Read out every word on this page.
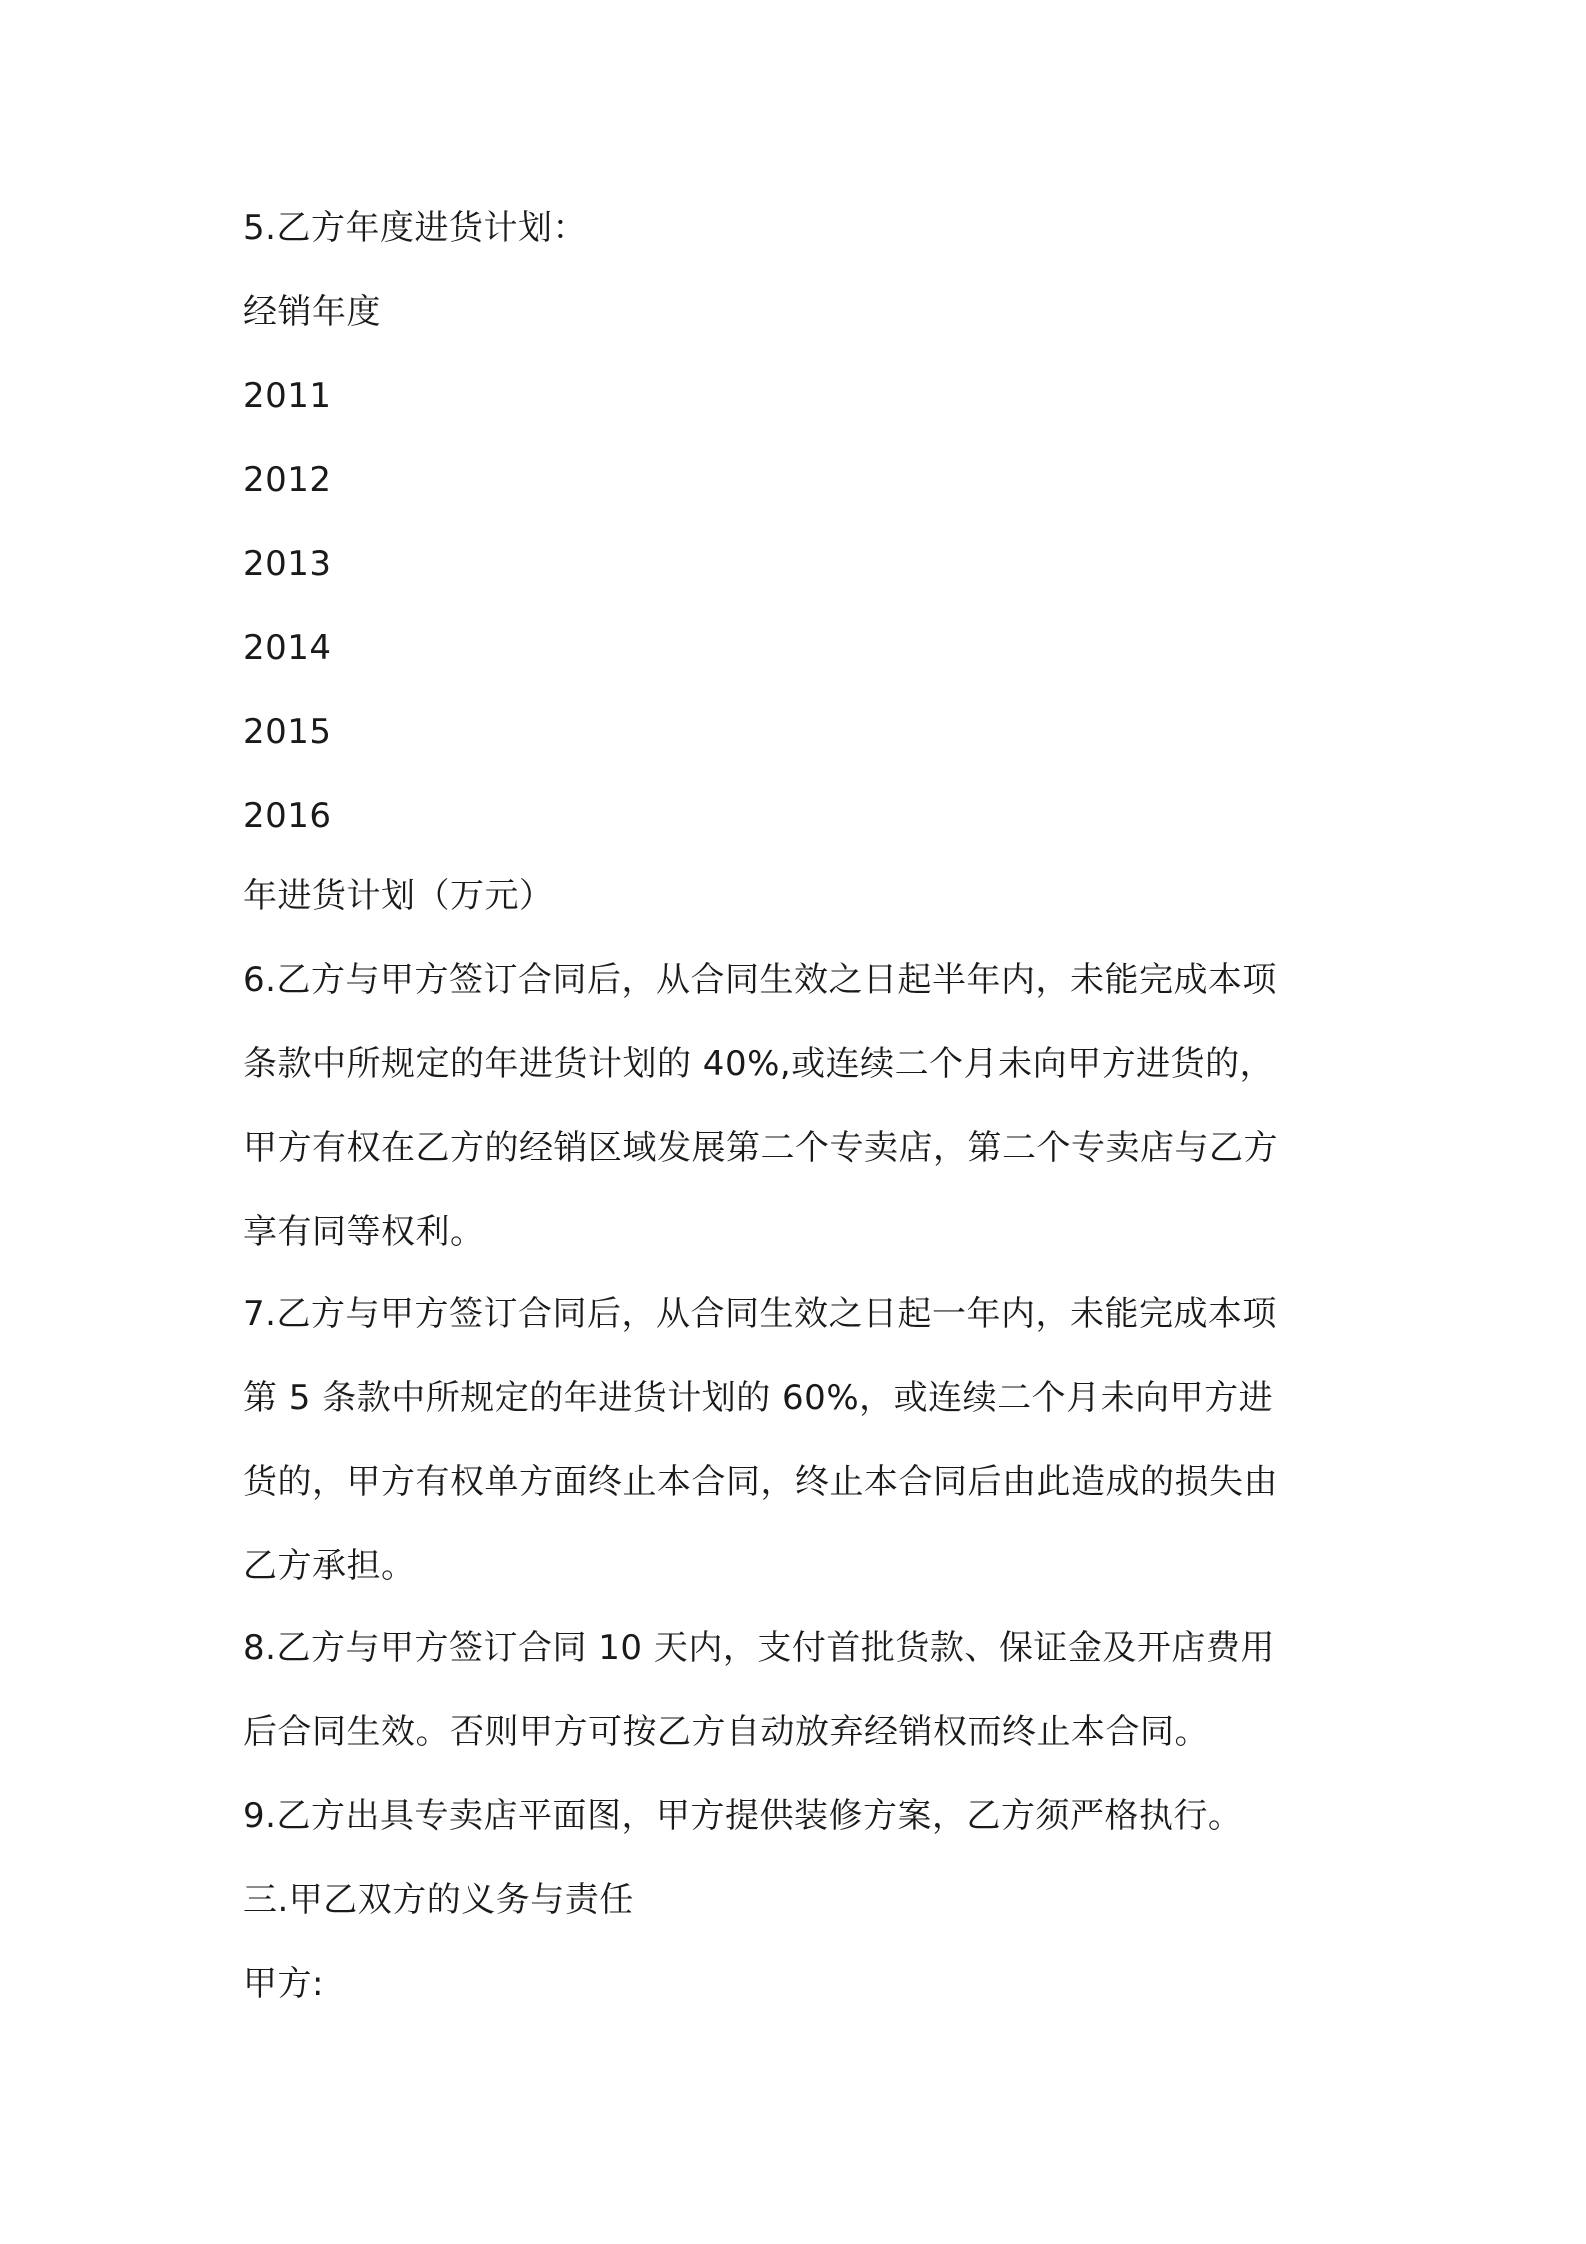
5.乙方年度进货计划：
经销年度
2011
2012
2013
2014
2015
2016
年进货计划（万元）
6.乙方与甲方签订合同后，从合同生效之日起半年内，未能完成本项
条款中所规定的年进货计划的 40%,或连续二个月未向甲方进货的，
甲方有权在乙方的经销区域发展第二个专卖店，第二个专卖店与乙方
享有同等权利。
7.乙方与甲方签订合同后，从合同生效之日起一年内，未能完成本项
第 5 条款中所规定的年进货计划的 60%，或连续二个月未向甲方进
货的，甲方有权单方面终止本合同，终止本合同后由此造成的损失由
乙方承担。
8.乙方与甲方签订合同 10 天内，支付首批货款、保证金及开店费用
后合同生效。否则甲方可按乙方自动放弃经销权而终止本合同。
9.乙方出具专卖店平面图，甲方提供装修方案，乙方须严格执行。
三.甲乙双方的义务与责任
甲方:
